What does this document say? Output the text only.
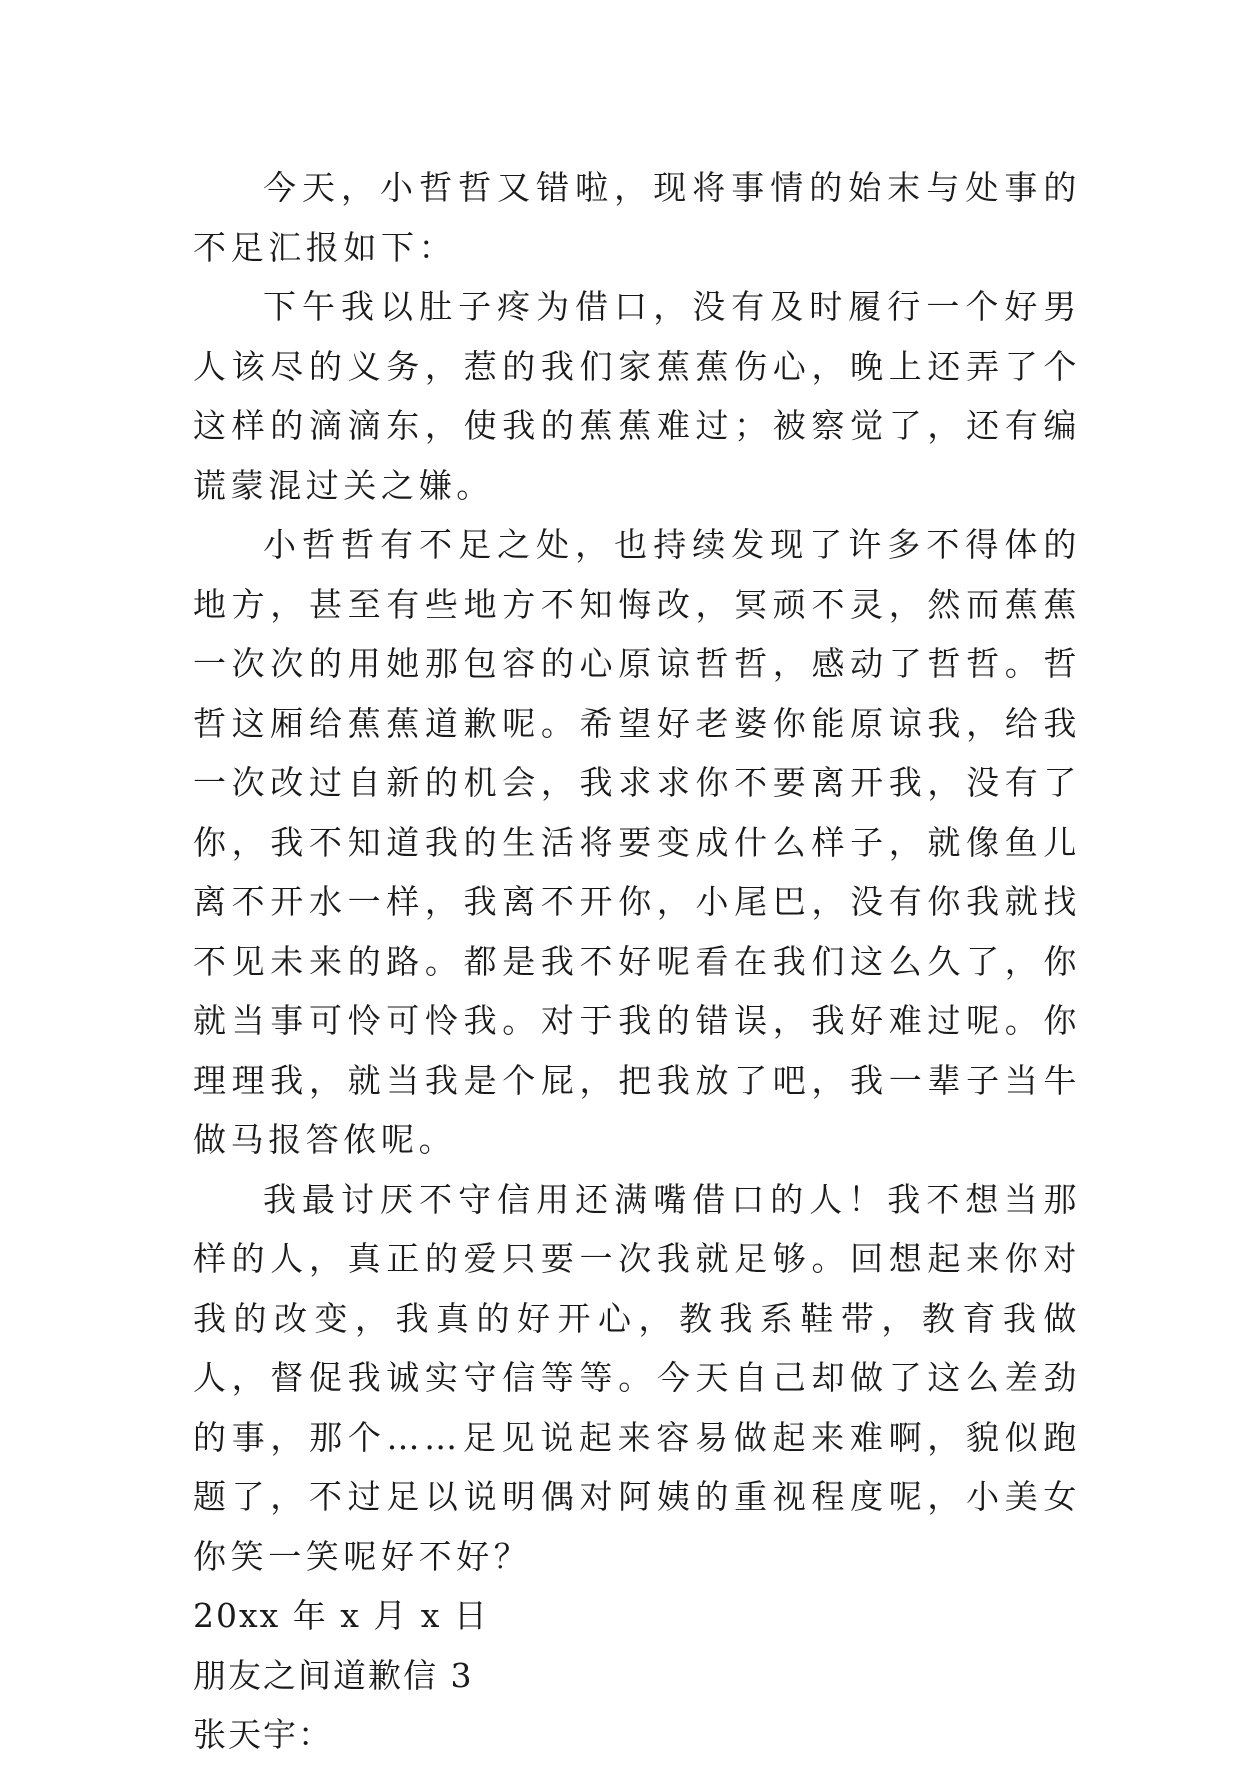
今天，小哲哲又错啦，现将事情的始末与处事的不足汇报如下：

下午我以肚子疼为借口，没有及时履行一个好男人该尽的义务，惹的我们家蕉蕉伤心，晚上还弄了个这样的滴滴东，使我的蕉蕉难过；被察觉了，还有编谎蒙混过关之嫌。

小哲哲有不足之处，也持续发现了许多不得体的地方，甚至有些地方不知悔改，冥顽不灵，然而蕉蕉一次次的用她那包容的心原谅哲哲，感动了哲哲。哲哲这厢给蕉蕉道歉呢。希望好老婆你能原谅我，给我一次改过自新的机会，我求求你不要离开我，没有了你，我不知道我的生活将要变成什么样子，就像鱼儿离不开水一样，我离不开你，小尾巴，没有你我就找不见未来的路。都是我不好呢看在我们这么久了，你就当事可怜可怜我。对于我的错误，我好难过呢。你理理我，就当我是个屁，把我放了吧，我一辈子当牛做马报答侬呢。

我最讨厌不守信用还满嘴借口的人！我不想当那样的人，真正的爱只要一次我就足够。回想起来你对我的改变，我真的好开心，教我系鞋带，教育我做人，督促我诚实守信等等。今天自己却做了这么差劲的事，那个……足见说起来容易做起来难啊，貌似跑题了，不过足以说明偶对阿姨的重视程度呢，小美女你笑一笑呢好不好？

20xx 年 x 月 x 日

朋友之间道歉信 3

张天宇：
